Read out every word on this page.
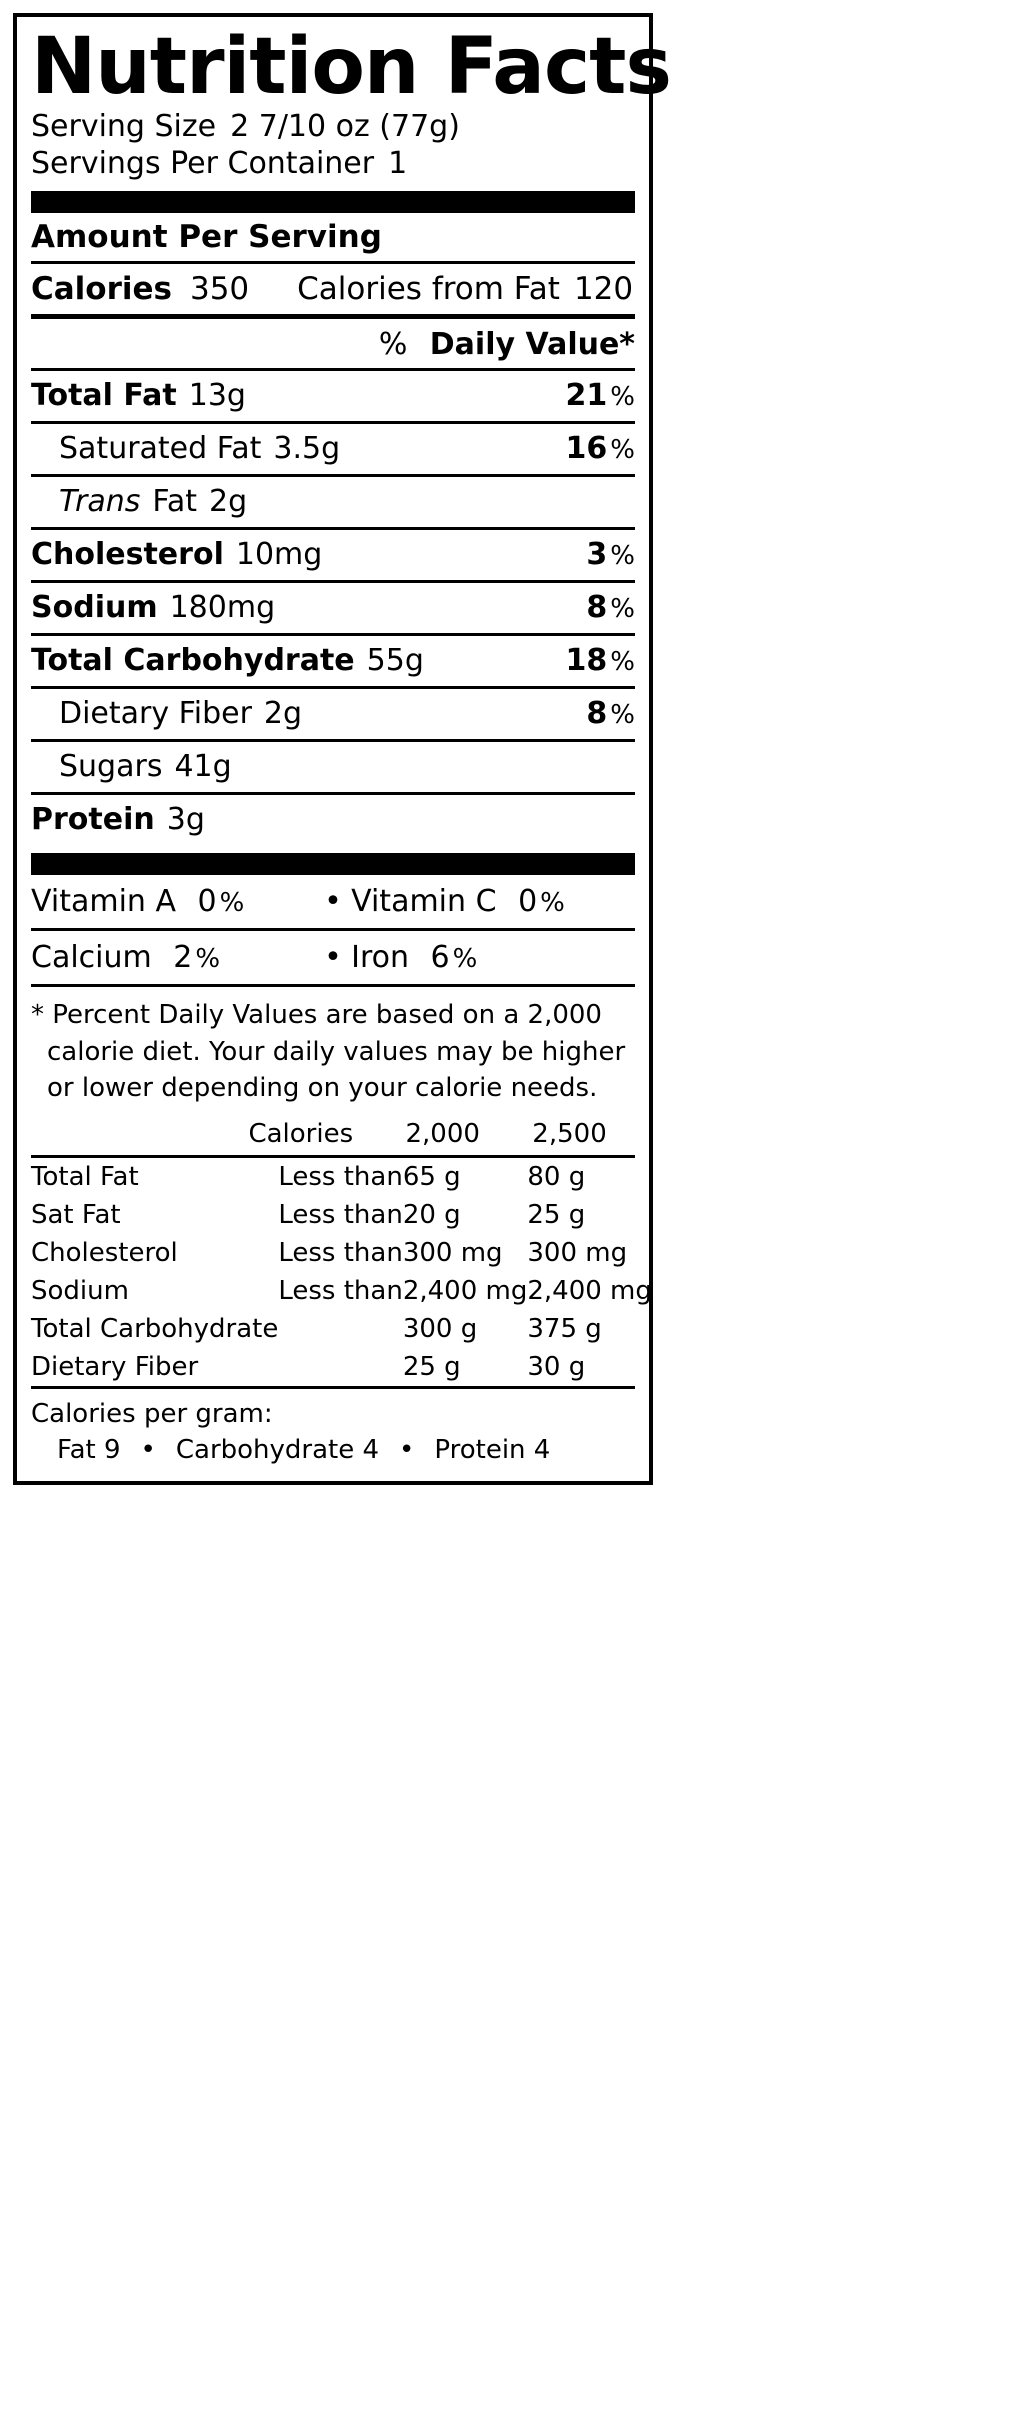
Nutrition Facts
Serving Size 2 7/10 oz (77g)
Servings Per Container 1
Amount Per Serving
Calories 350 Calories from Fat 120
% Daily Value*
Total Fat 13g	21 %
Saturated Fat 3.5g	16 %
Trans Fat 2g
Cholesterol 10mg	3 %
Sodium 180mg	8 %
Total Carbohydrate 55g	18 %
Dietary Fiber 2g	8 %
Sugars 41g
Protein 3g
Vitamin A 0 %	• Vitamin C 0 %
Calcium 2 %	• Iron 6 %
* Percent Daily Values are based on a 2,000
calorie diet. Your daily values may be higher
or lower depending on your calorie needs.
	Calories	2,000	2,500
Total Fat	Less than	65 g	80 g
Sat Fat	Less than	20 g	25 g
Cholesterol	Less than	300 mg	300 mg
Sodium	Less than	2,400 mg	2,400 mg
Total Carbohydrate		300 g	375 g
Dietary Fiber		25 g	30 g
Calories per gram:
Fat 9 • Carbohydrate 4 • Protein 4
